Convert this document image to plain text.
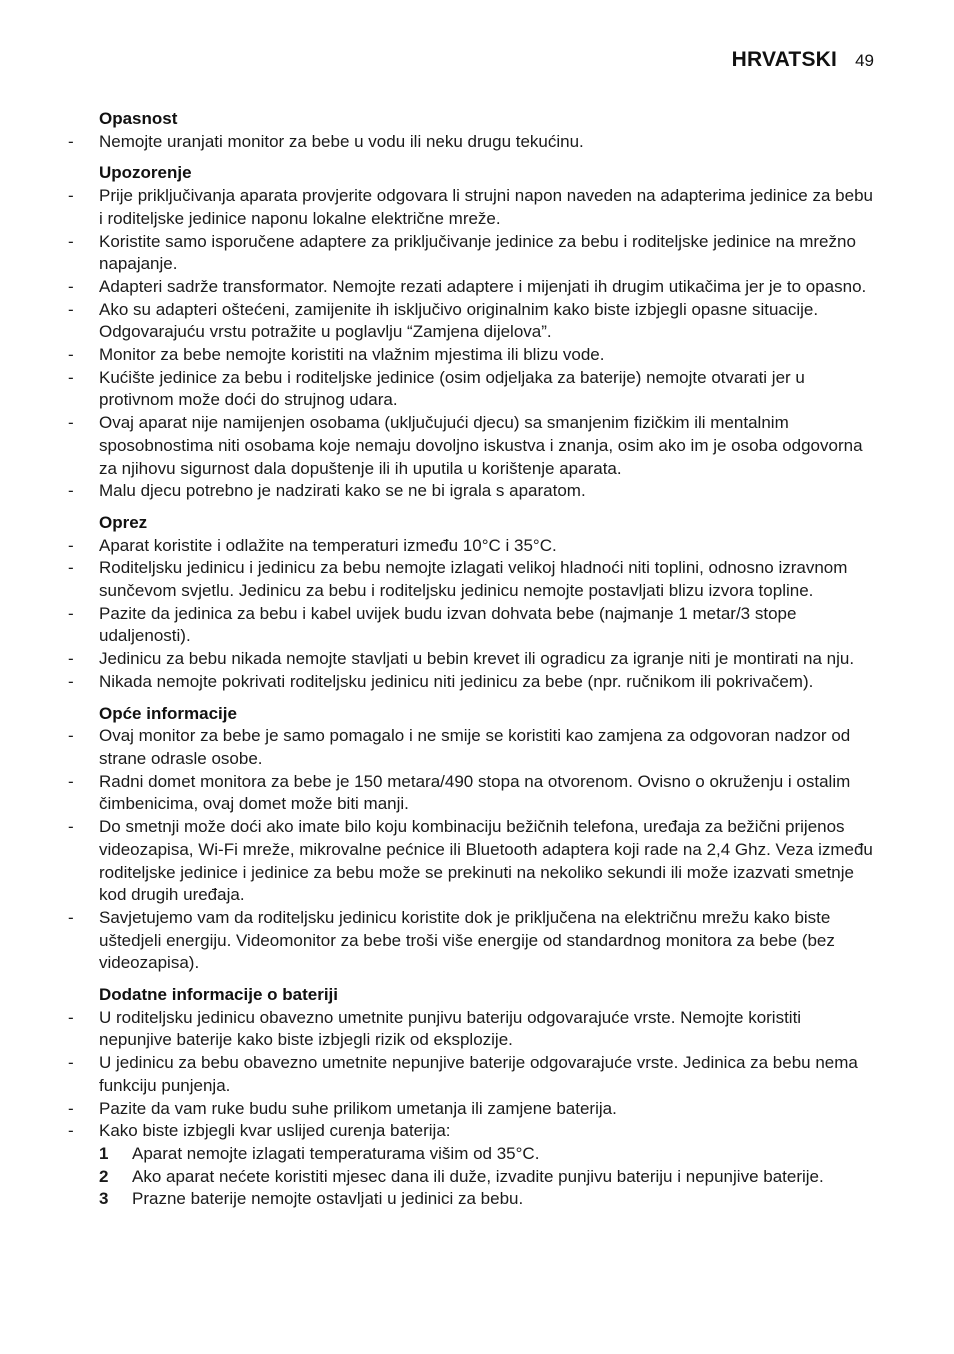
HRVATSKI 49
Opasnost
-	Nemojte uranjati monitor za bebe u vodu ili neku drugu tekućinu.
Upozorenje
-	Prije priključivanja aparata provjerite odgovara li strujni napon naveden na adapterima jedinice za bebu i roditeljske jedinice naponu lokalne električne mreže.
-	Koristite samo isporučene adaptere za priključivanje jedinice za bebu i roditeljske jedinice na mrežno napajanje.
-	Adapteri sadrže transformator. Nemojte rezati adaptere i mijenjati ih drugim utikačima jer je to opasno.
-	Ako su adapteri oštećeni, zamijenite ih isključivo originalnim kako biste izbjegli opasne situacije. Odgovarajuću vrstu potražite u poglavlju “Zamjena dijelova”.
-	Monitor za bebe nemojte koristiti na vlažnim mjestima ili blizu vode.
-	Kućište jedinice za bebu i roditeljske jedinice (osim odjeljaka za baterije) nemojte otvarati jer u protivnom može doći do strujnog udara.
-	Ovaj aparat nije namijenjen osobama (uključujući djecu) sa smanjenim fizičkim ili mentalnim sposobnostima niti osobama koje nemaju dovoljno iskustva i znanja, osim ako im je osoba odgovorna za njihovu sigurnost dala dopuštenje ili ih uputila u korištenje aparata.
-	Malu djecu potrebno je nadzirati kako se ne bi igrala s aparatom.
Oprez
-	Aparat koristite i odlažite na temperaturi između 10°C i 35°C.
-	Roditeljsku jedinicu i jedinicu za bebu nemojte izlagati velikoj hladnoći niti toplini, odnosno izravnom sunčevom svjetlu. Jedinicu za bebu i roditeljsku jedinicu nemojte postavljati blizu izvora topline.
-	Pazite da jedinica za bebu i kabel uvijek budu izvan dohvata bebe (najmanje 1 metar/3 stope udaljenosti).
-	Jedinicu za bebu nikada nemojte stavljati u bebin krevet ili ogradicu za igranje niti je montirati na nju.
-	Nikada nemojte pokrivati roditeljsku jedinicu niti jedinicu za bebe (npr. ručnikom ili pokrivačem).
Opće informacije
-	Ovaj monitor za bebe je samo pomagalo i ne smije se koristiti kao zamjena za odgovoran nadzor od strane odrasle osobe.
-	Radni domet monitora za bebe je 150 metara/490 stopa na otvorenom. Ovisno o okruženju i ostalim čimbenicima, ovaj domet može biti manji.
-	Do smetnji može doći ako imate bilo koju kombinaciju bežičnih telefona, uređaja za bežični prijenos videozapisa, Wi-Fi mreže, mikrovalne pećnice ili Bluetooth adaptera koji rade na 2,4 Ghz. Veza između roditeljske jedinice i jedinice za bebu može se prekinuti na nekoliko sekundi ili može izazvati smetnje kod drugih uređaja.
-	Savjetujemo vam da roditeljsku jedinicu koristite dok je priključena na električnu mrežu kako biste uštedjeli energiju. Videomonitor za bebe troši više energije od standardnog monitora za bebe (bez videozapisa).
Dodatne informacije o bateriji
-	U roditeljsku jedinicu obavezno umetnite punjivu bateriju odgovarajuće vrste. Nemojte koristiti nepunjive baterije kako biste izbjegli rizik od eksplozije.
-	U jedinicu za bebu obavezno umetnite nepunjive baterije odgovarajuće vrste. Jedinica za bebu nema funkciju punjenja.
-	Pazite da vam ruke budu suhe prilikom umetanja ili zamjene baterija.
-	Kako biste izbjegli kvar uslijed curenja baterija:
1 Aparat nemojte izlagati temperaturama višim od 35°C.
2 Ako aparat nećete koristiti mjesec dana ili duže, izvadite punjivu bateriju i nepunjive baterije.
3 Prazne baterije nemojte ostavljati u jedinici za bebu.
